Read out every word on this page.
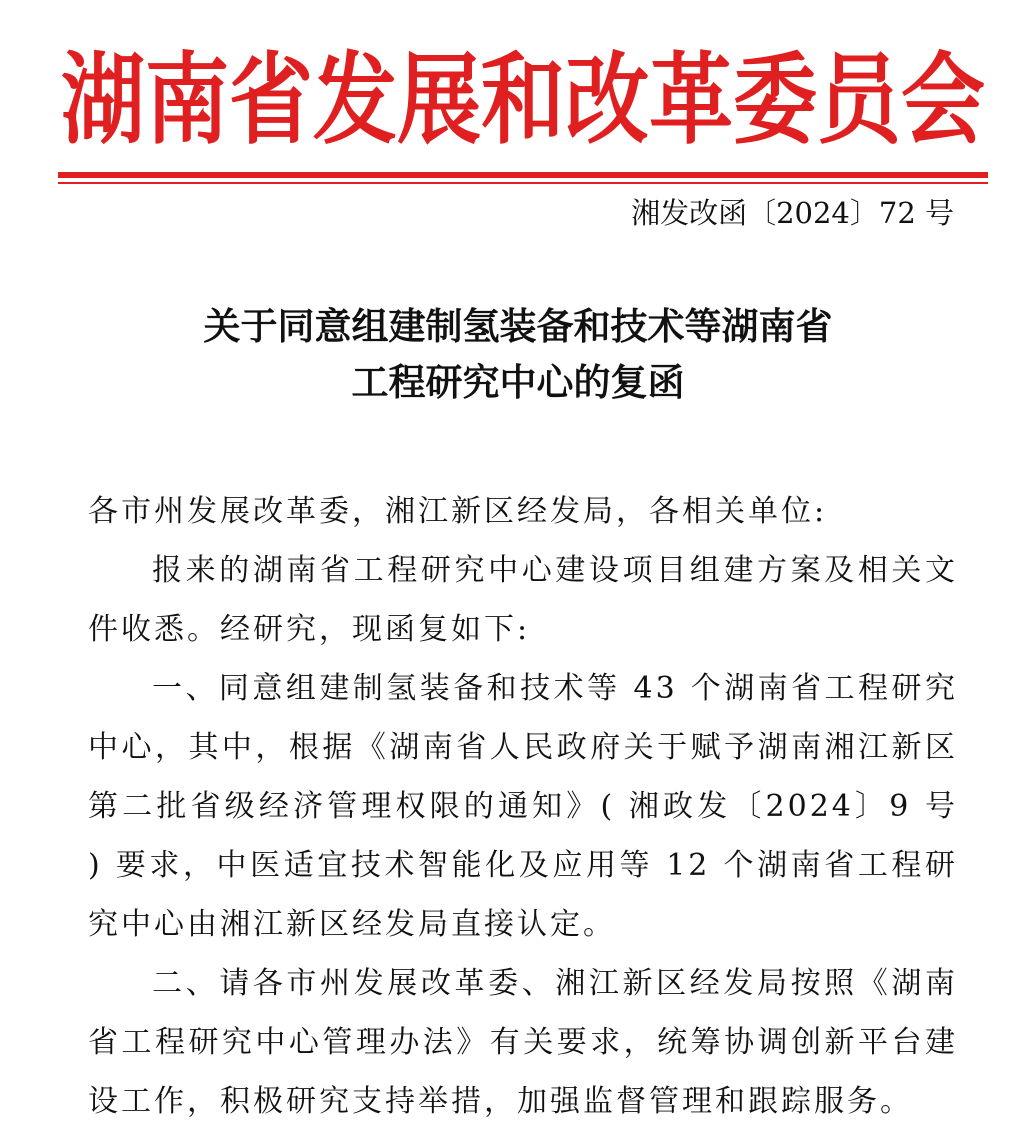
湖南省发展和改革委员会
湘发改函〔2024〕72 号
关于同意组建制氢装备和技术等湖南省
工程研究中心的复函

各市州发展改革委，湘江新区经发局，各相关单位:

报来的湖南省工程研究中心建设项目组建方案及相关文件收悉。经研究，现函复如下:

一、同意组建制氢装备和技术等 43 个湖南省工程研究中心，其中，根据《湖南省人民政府关于赋予湖南湘江新区第二批省级经济管理权限的通知》( 湘政发〔2024〕9 号 ) 要求，中医适宜技术智能化及应用等 12 个湖南省工程研究中心由湘江新区经发局直接认定。

二、请各市州发展改革委、湘江新区经发局按照《湖南省工程研究中心管理办法》有关要求，统筹协调创新平台建设工作，积极研究支持举措，加强监督管理和跟踪服务。
